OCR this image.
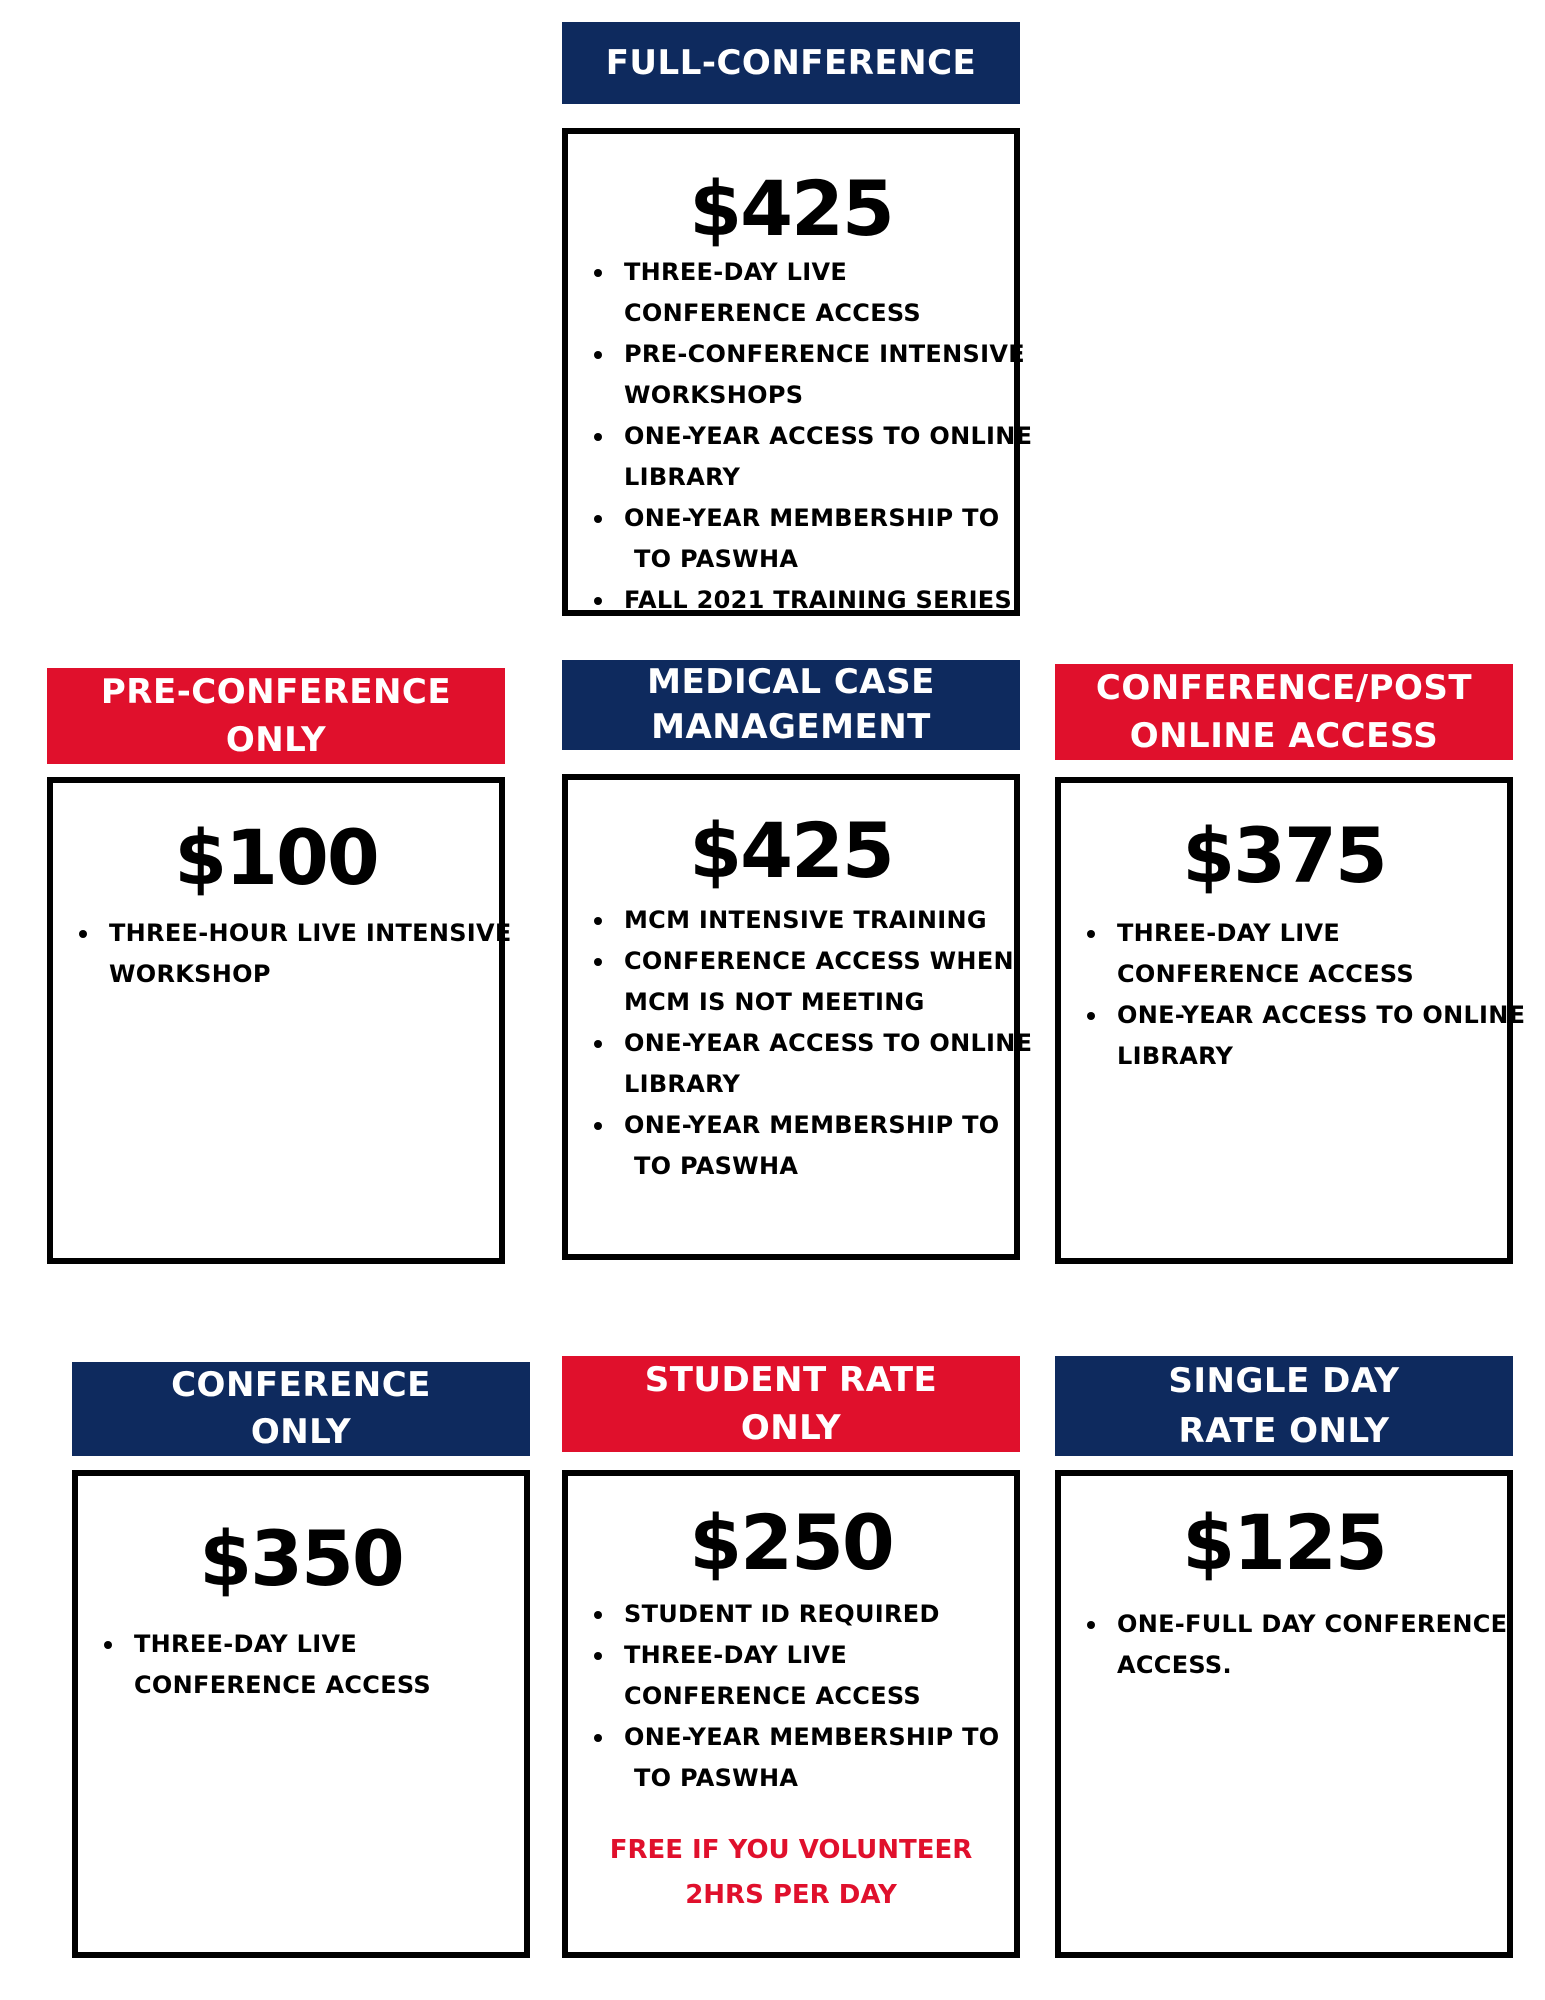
FULL-CONFERENCE
$425
THREE-DAY LIVE
CONFERENCE ACCESS
PRE-CONFERENCE INTENSIVE
WORKSHOPS
ONE-YEAR ACCESS TO ONLINE
LIBRARY
ONE-YEAR MEMBERSHIP TO
TO PASWHA
FALL 2021 TRAINING SERIES
PRE-CONFERENCE
ONLY
$100
THREE-HOUR LIVE INTENSIVE
WORKSHOP
MEDICAL CASE
MANAGEMENT
$425
MCM INTENSIVE TRAINING
CONFERENCE ACCESS WHEN
MCM IS NOT MEETING
ONE-YEAR ACCESS TO ONLINE
LIBRARY
ONE-YEAR MEMBERSHIP TO
TO PASWHA
CONFERENCE/POST
ONLINE ACCESS
$375
THREE-DAY LIVE
CONFERENCE ACCESS
ONE-YEAR ACCESS TO ONLINE
LIBRARY
CONFERENCE
ONLY
$350
THREE-DAY LIVE
CONFERENCE ACCESS
STUDENT RATE
ONLY
$250
STUDENT ID REQUIRED
THREE-DAY LIVE
CONFERENCE ACCESS
ONE-YEAR MEMBERSHIP TO
TO PASWHA
FREE IF YOU VOLUNTEER
2HRS PER DAY
SINGLE DAY
RATE ONLY
$125
ONE-FULL DAY CONFERENCE
ACCESS.
